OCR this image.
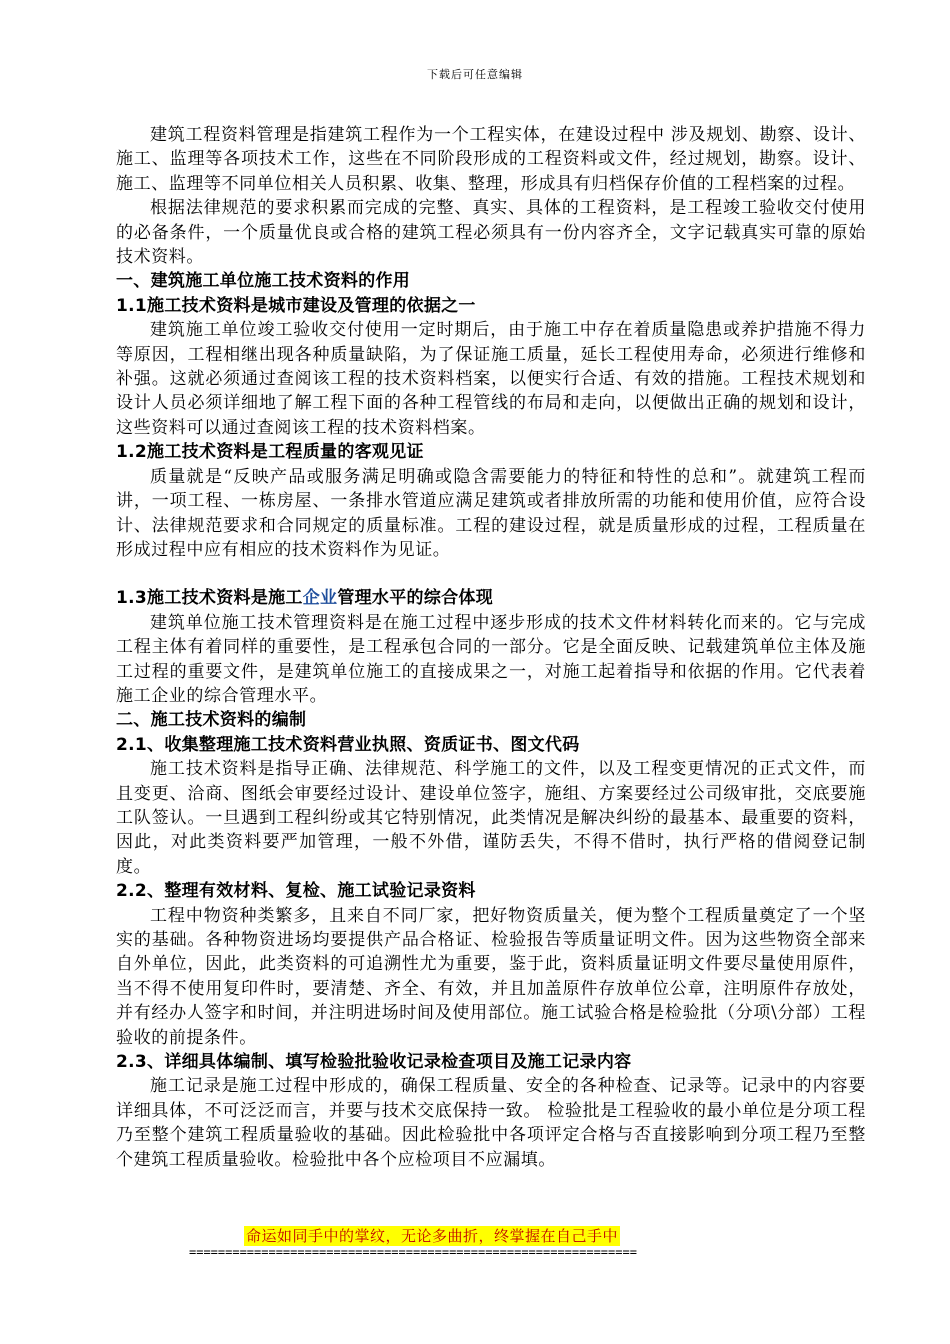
下载后可任意编辑

建筑工程资料管理是指建筑工程作为一个工程实体，在建设过程中 涉及规划、勘察、设计、施工、监理等各项技术工作，这些在不同阶段形成的工程资料或文件，经过规划，勘察。设计、施工、监理等不同单位相关人员积累、收集、整理，形成具有归档保存价值的工程档案的过程。

根据法律规范的要求积累而完成的完整、真实、具体的工程资料，是工程竣工验收交付使用的必备条件，一个质量优良或合格的建筑工程必须具有一份内容齐全，文字记载真实可靠的原始技术资料。

一、建筑施工单位施工技术资料的作用

1.1施工技术资料是城市建设及管理的依据之一

建筑施工单位竣工验收交付使用一定时期后，由于施工中存在着质量隐患或养护措施不得力等原因，工程相继出现各种质量缺陷，为了保证施工质量，延长工程使用寿命，必须进行维修和补强。这就必须通过查阅该工程的技术资料档案，以便实行合适、有效的措施。工程技术规划和设计人员必须详细地了解工程下面的各种工程管线的布局和走向，以便做出正确的规划和设计，这些资料可以通过查阅该工程的技术资料档案。

1.2施工技术资料是工程质量的客观见证

质量就是“反映产品或服务满足明确或隐含需要能力的特征和特性的总和”。就建筑工程而讲，一项工程、一栋房屋、一条排水管道应满足建筑或者排放所需的功能和使用价值，应符合设计、法律规范要求和合同规定的质量标准。工程的建设过程，就是质量形成的过程，工程质量在形成过程中应有相应的技术资料作为见证。

1.3施工技术资料是施工企业管理水平的综合体现

建筑单位施工技术管理资料是在施工过程中逐步形成的技术文件材料转化而来的。它与完成工程主体有着同样的重要性，是工程承包合同的一部分。它是全面反映、记载建筑单位主体及施工过程的重要文件，是建筑单位施工的直接成果之一，对施工起着指导和依据的作用。它代表着施工企业的综合管理水平。

二、施工技术资料的编制

2.1、收集整理施工技术资料营业执照、资质证书、图文代码

施工技术资料是指导正确、法律规范、科学施工的文件，以及工程变更情况的正式文件，而且变更、洽商、图纸会审要经过设计、建设单位签字，施组、方案要经过公司级审批，交底要施工队签认。一旦遇到工程纠纷或其它特别情况，此类情况是解决纠纷的最基本、最重要的资料，因此，对此类资料要严加管理，一般不外借，谨防丢失，不得不借时，执行严格的借阅登记制度。

2.2、整理有效材料、复检、施工试验记录资料

工程中物资种类繁多，且来自不同厂家，把好物资质量关，便为整个工程质量奠定了一个坚实的基础。各种物资进场均要提供产品合格证、检验报告等质量证明文件。因为这些物资全部来自外单位，因此，此类资料的可追溯性尤为重要，鉴于此，资料质量证明文件要尽量使用原件，当不得不使用复印件时，要清楚、齐全、有效，并且加盖原件存放单位公章，注明原件存放处，并有经办人签字和时间，并注明进场时间及使用部位。施工试验合格是检验批（分项\分部）工程验收的前提条件。

2.3、详细具体编制、填写检验批验收记录检查项目及施工记录内容

施工记录是施工过程中形成的，确保工程质量、安全的各种检查、记录等。记录中的内容要详细具体，不可泛泛而言，并要与技术交底保持一致。 检验批是工程验收的最小单位是分项工程乃至整个建筑工程质量验收的基础。因此检验批中各项评定合格与否直接影响到分项工程乃至整个建筑工程质量验收。检验批中各个应检项目不应漏填。

命运如同手中的掌纹，无论多曲折，终掌握在自己手中
==============================================================
